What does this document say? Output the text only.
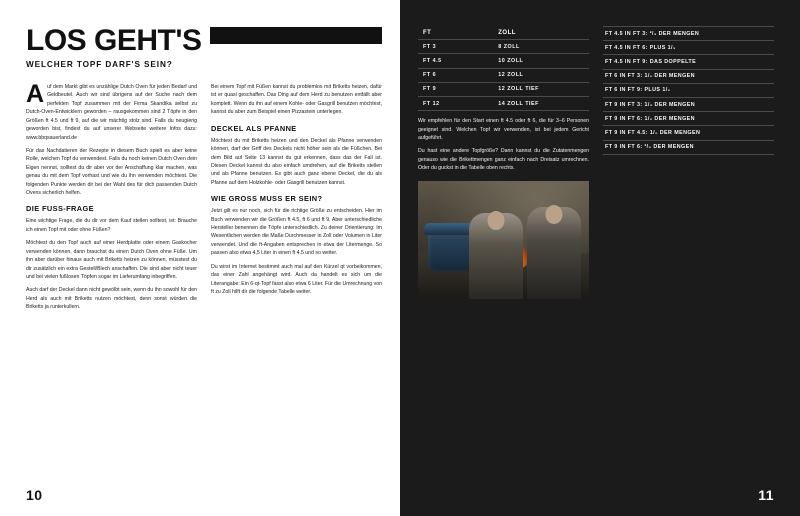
LOS GEHT'S
WELCHER TOPF DARF'S SEIN?

Auf dem Markt gibt es unzählige Dutch Oven für jeden Bedarf und Geldbeutel. Auch wir sind übrigens auf der Suche nach dem perfekten Topf zusammen mit der Firma Skandika selbst zu Dutch-Oven-Entwicklern geworden – rausgekommen sind 2 Töpfe in den Größen ft 4.5 und ft 9, auf die wir mächtig stolz sind. Falls du neugierig geworden bist, findest du auf unserer Webseite weitere Infos dazu: www.bbqsauerland.de

Für das Nachdatieren der Rezepte in diesem Buch spielt es aber keine Rolle, welchen Topf du verwendest. Falls du noch keinen Dutch Oven dein Eigen nennst, solltest du dir aber vor der Anschaffung klar machen, was genau du mit dem Topf vorhast und wie du ihn verwenden möchtest. Die folgenden Punkte werden dir bei der Wahl des für dich passenden Dutch Ovens sicherlich helfen.

DIE FUSS-FRAGE

Eine wichtige Frage, die du dir vor dem Kauf stellen solltest, ist: Brauche ich einen Topf mit oder ohne Füßen?

Möchtest du den Topf auch auf einer Herdplatte oder einem Gaskocher verwenden können, dann brauchst du einen Dutch Oven ohne Füße. Um ihn aber darüber hinaus auch mit Briketts heizen zu können, müsstest du dir zusätzlich ein extra Gestell/Blech anschaffen. Die sind aber nicht teuer und bei vielen fußlosen Töpfen sogar im Lieferumfang inbegriffen.

Auch darf der Deckel dann nicht gewölbt sein, wenn du ihn sowohl für den Herd als auch mit Briketts nutzen möchtest, denn sonst würden die Briketts ja runterkullern.

Bei einem Topf mit Füßen kannst du problemlos mit Briketts heizen, dafür ist er quasi geschaffen. Das Ding auf dem Herd zu benutzen entfällt aber komplett. Wenn du ihn auf einem Kohle- oder Gasgrill benutzen möchtest, kannst du aber zum Beispiel einen Pizzastein unterlegen.

DECKEL ALS PFANNE

Möchtest du mit Briketts heizen und den Deckel als Pfanne verwenden können, darf der Griff des Deckels nicht höher sein als die Füßchen. Bei dem Bild auf Seite 13 kannst du gut erkennen, dass das der Fall ist. Diesen Deckel kannst du also einfach umdrehen, auf die Briketts stellen und als Pfanne benutzen. Es gibt auch ganz ebene Deckel, die du als Pfanne auf dem Holzkohle- oder Gasgrill benutzen kannst.

WIE GROSS MUSS ER SEIN?

Jetzt gilt es nur noch, sich für die richtige Größe zu entscheiden. Hier im Buch verwenden wir die Größen ft 4.5, ft 6 und ft 9. Aber unterschiedliche Hersteller benennen die Töpfe unterschiedlich. Zu deiner Orientierung: Im Wesentlichen werden die Maße Durchmesser in Zoll oder Volumen in Liter verwendet. Und die ft-Angaben entsprechen in etwa der Litermenge. So passen also etwa 4,5 Liter in einen ft 4.5 und so weiter.

Du wirst im Internet bestimmt auch mal auf den Kürzel qt vorbeikommen, das einer Zahl angehängt wird. Auch da handelt es sich um die Literangabe: Ein 6-qt-Topf fasst also etwa 6 Liter. Für die Umrechnung von ft zu Zoll hilft dir die folgende Tabelle weiter.

10
FT	ZOLL
FT 3	8 ZOLL
FT 4.5	10 ZOLL
FT 6	12 ZOLL
FT 9	12 ZOLL TIEF
FT 12	14 ZOLL TIEF

Wir empfehlen für den Start einen ft 4.5 oder ft 6, die für 3–6 Personen geeignet sind. Welchen Topf wir verwenden, ist bei jedem Gericht aufgeführt.

Du hast eine andere Topfgröße? Dann kannst du die Zutatenmengen genauso wie die Brikettmengen ganz einfach nach Dreisatz umrechnen. Oder du guckst in die Tabelle oben rechts.

FT 4.5 IN FT 3: ²/₃ DER MENGEN
FT 4.5 IN FT 6: PLUS 1/₃
FT 4.5 IN FT 9: DAS DOPPELTE
FT 6 IN FT 3: 1/₂ DER MENGEN
FT 6 IN FT 9: PLUS 1/₂
FT 9 IN FT 3: 1/₃ DER MENGEN
FT 9 IN FT 6: 1/₂ DER MENGEN
FT 9 IN FT 4.5: 1/₂ DER MENGEN
FT 9 IN FT 6: ²/₃ DER MENGEN
11
